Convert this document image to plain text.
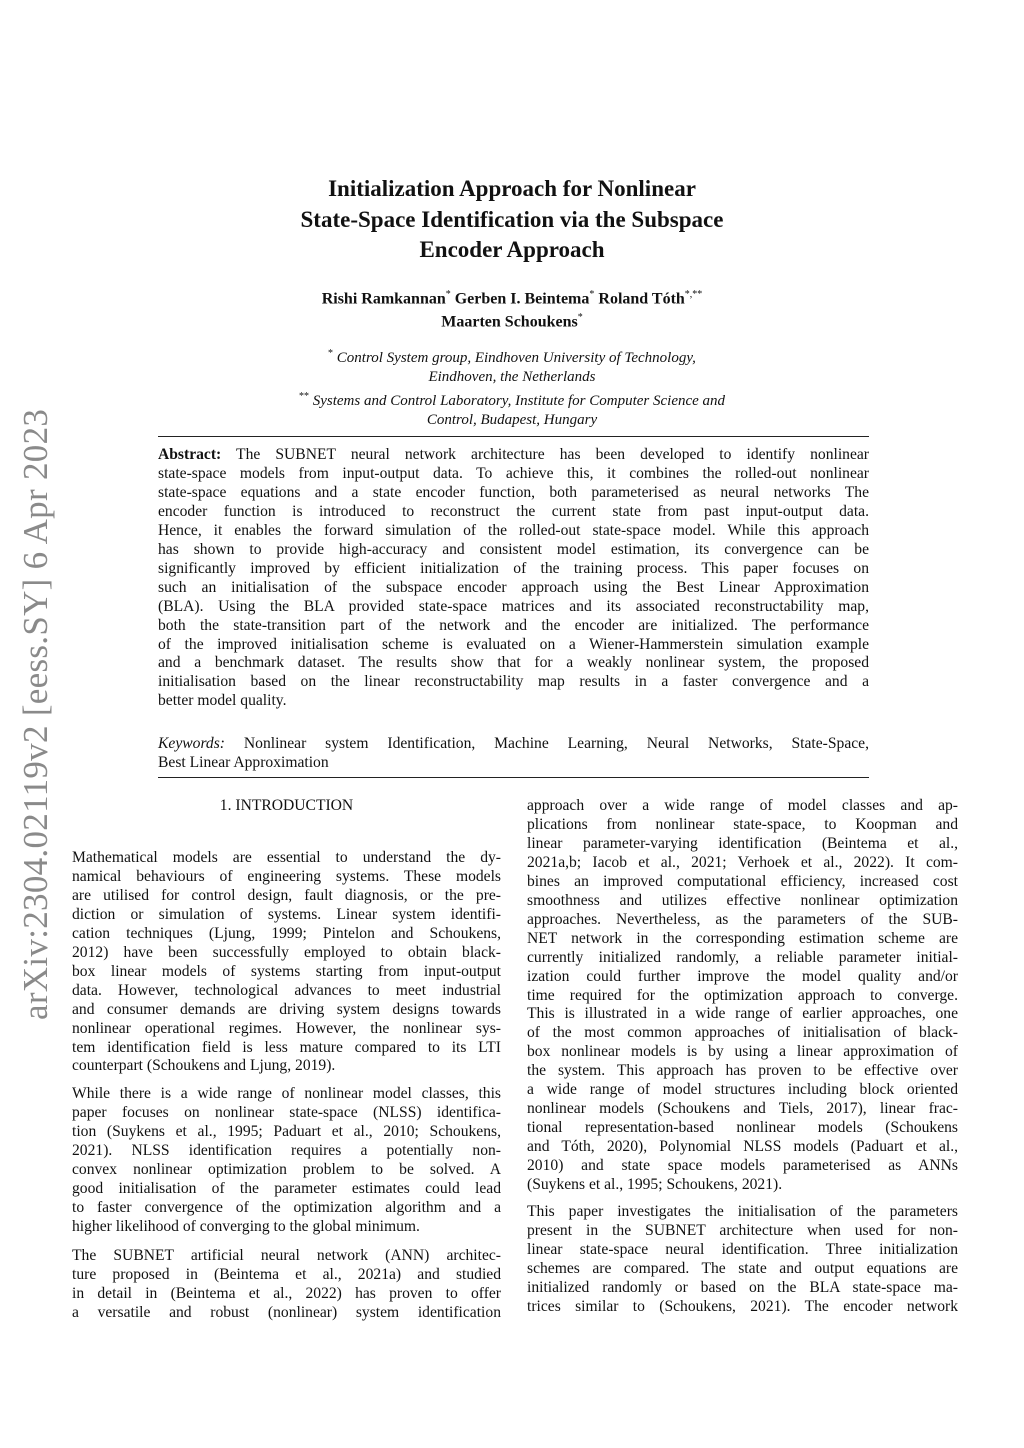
arXiv:2304.02119v2 [eess.SY] 6 Apr 2023
Initialization Approach for Nonlinear
State-Space Identification via the Subspace
Encoder Approach
Rishi Ramkannan* Gerben I. Beintema* Roland Tóth*,**
Maarten Schoukens*
* Control System group, Eindhoven University of Technology,
Eindhoven, the Netherlands
** Systems and Control Laboratory, Institute for Computer Science and
Control, Budapest, Hungary
Abstract: The SUBNET neural network architecture has been developed to identify nonlinear
state-space models from input-output data. To achieve this, it combines the rolled-out nonlinear
state-space equations and a state encoder function, both parameterised as neural networks The
encoder function is introduced to reconstruct the current state from past input-output data.
Hence, it enables the forward simulation of the rolled-out state-space model. While this approach
has shown to provide high-accuracy and consistent model estimation, its convergence can be
significantly improved by efficient initialization of the training process. This paper focuses on
such an initialisation of the subspace encoder approach using the Best Linear Approximation
(BLA). Using the BLA provided state-space matrices and its associated reconstructability map,
both the state-transition part of the network and the encoder are initialized. The performance
of the improved initialisation scheme is evaluated on a Wiener-Hammerstein simulation example
and a benchmark dataset. The results show that for a weakly nonlinear system, the proposed
initialisation based on the linear reconstructability map results in a faster convergence and a
better model quality.
Keywords: Nonlinear system Identification, Machine Learning, Neural Networks, State-Space,
Best Linear Approximation
1. INTRODUCTION
Mathematical models are essential to understand the dy-
namical behaviours of engineering systems. These models
are utilised for control design, fault diagnosis, or the pre-
diction or simulation of systems. Linear system identifi-
cation techniques (Ljung, 1999; Pintelon and Schoukens,
2012) have been successfully employed to obtain black-
box linear models of systems starting from input-output
data. However, technological advances to meet industrial
and consumer demands are driving system designs towards
nonlinear operational regimes. However, the nonlinear sys-
tem identification field is less mature compared to its LTI
counterpart (Schoukens and Ljung, 2019).
While there is a wide range of nonlinear model classes, this
paper focuses on nonlinear state-space (NLSS) identifica-
tion (Suykens et al., 1995; Paduart et al., 2010; Schoukens,
2021). NLSS identification requires a potentially non-
convex nonlinear optimization problem to be solved. A
good initialisation of the parameter estimates could lead
to faster convergence of the optimization algorithm and a
higher likelihood of converging to the global minimum.
The SUBNET artificial neural network (ANN) architec-
ture proposed in (Beintema et al., 2021a) and studied
in detail in (Beintema et al., 2022) has proven to offer
a versatile and robust (nonlinear) system identification
approach over a wide range of model classes and ap-
plications from nonlinear state-space, to Koopman and
linear parameter-varying identification (Beintema et al.,
2021a,b; Iacob et al., 2021; Verhoek et al., 2022). It com-
bines an improved computational efficiency, increased cost
smoothness and utilizes effective nonlinear optimization
approaches. Nevertheless, as the parameters of the SUB-
NET network in the corresponding estimation scheme are
currently initialized randomly, a reliable parameter initial-
ization could further improve the model quality and/or
time required for the optimization approach to converge.
This is illustrated in a wide range of earlier approaches, one
of the most common approaches of initialisation of black-
box nonlinear models is by using a linear approximation of
the system. This approach has proven to be effective over
a wide range of model structures including block oriented
nonlinear models (Schoukens and Tiels, 2017), linear frac-
tional representation-based nonlinear models (Schoukens
and Tóth, 2020), Polynomial NLSS models (Paduart et al.,
2010) and state space models parameterised as ANNs
(Suykens et al., 1995; Schoukens, 2021).
This paper investigates the initialisation of the parameters
present in the SUBNET architecture when used for non-
linear state-space neural identification. Three initialization
schemes are compared. The state and output equations are
initialized randomly or based on the BLA state-space ma-
trices similar to (Schoukens, 2021). The encoder network
